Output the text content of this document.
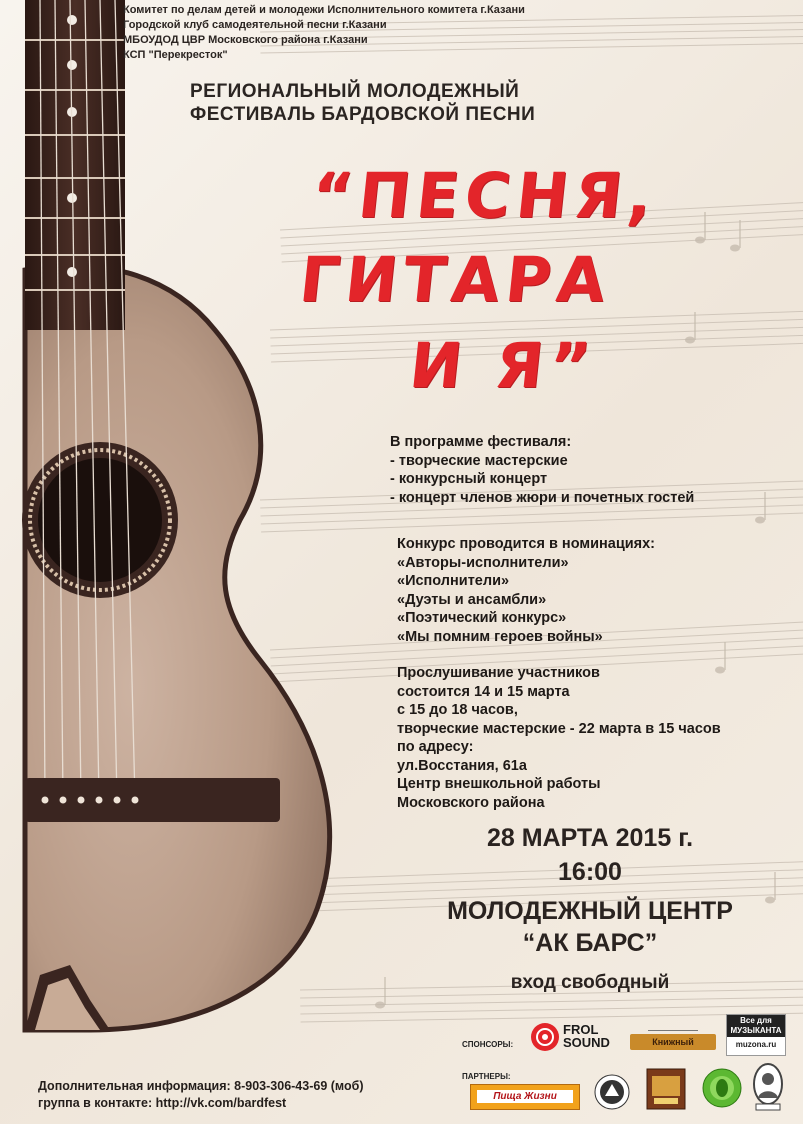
Комитет по делам детей и молодежи Исполнительного комитета г.Казани
Городской клуб самодеятельной песни г.Казани
МБОУДОД ЦВР Московского района г.Казани
КСП "Перекресток"
РЕГИОНАЛЬНЫЙ МОЛОДЕЖНЫЙ
ФЕСТИВАЛЬ БАРДОВСКОЙ ПЕСНИ
“ПЕСНЯ,
ГИТАРА
И Я”
В программе фестиваля:
- творческие мастерские
- конкурсный концерт
- концерт членов жюри и почетных гостей
Конкурс проводится в номинациях:
«Авторы-исполнители»
«Исполнители»
«Дуэты и ансамбли»
«Поэтический конкурс»
«Мы помним героев войны»
Прослушивание участников
состоится 14 и 15 марта
с 15 до 18 часов,
творческие мастерские - 22 марта в 15 часов
по адресу:
ул.Восстания, 61а
Центр внешкольной работы
Московского района
28 МАРТА 2015 г.
16:00
МОЛОДЕЖНЫЙ ЦЕНТР
“АК БАРС”
вход свободный
СПОНСОРЫ:
FROL
SOUND	Книжный
Все для
МУЗЫКАНТА
muzona.ru
ПАРТНЕРЫ:
Пища Жизни
Дополнительная информация: 8-903-306-43-69 (моб)
группа в контакте: http://vk.com/bardfest
